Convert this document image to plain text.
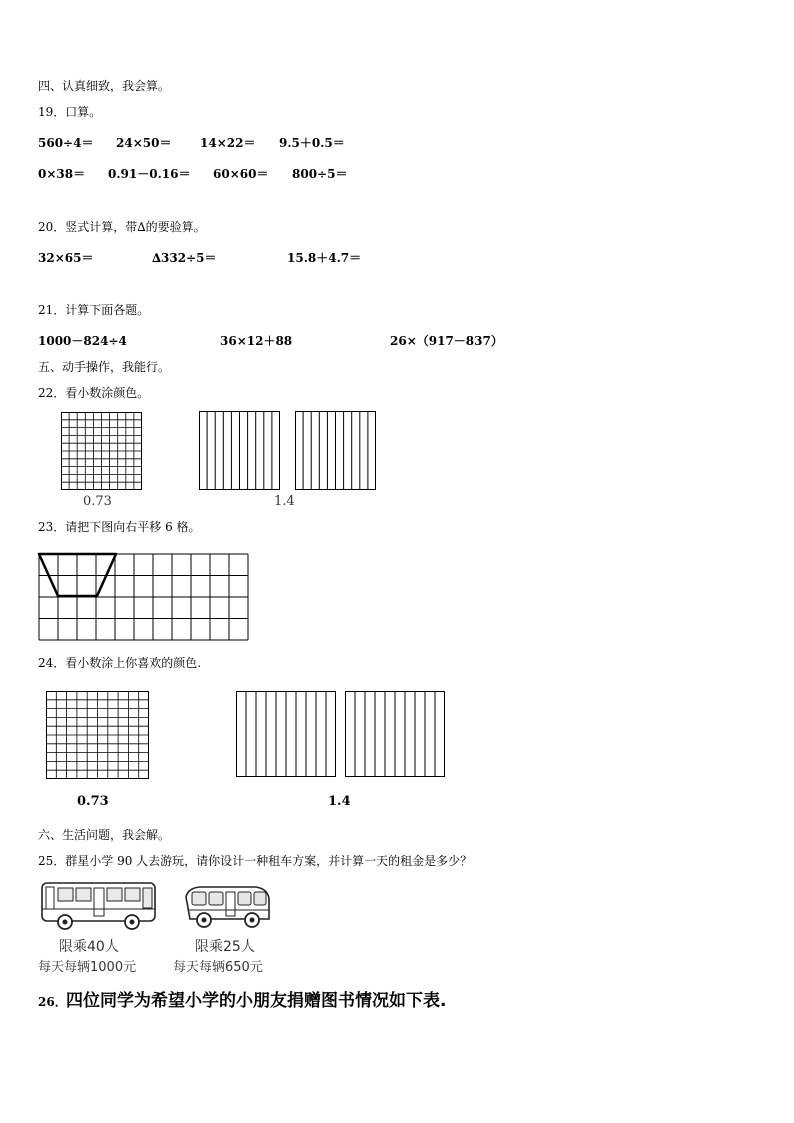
四、认真细致，我会算。
19．口算。
560÷4＝ 24×50＝ 14×22＝ 9.5＋0.5＝
0×38＝ 0.91－0.16＝ 60×60＝ 800÷5＝
20．竖式计算，带∆的要验算。
32×65＝	∆332÷5＝	15.8＋4.7＝
21．计算下面各题。
1000－824÷4	36×12＋88	26×（917－837）
五、动手操作，我能行。
22．看小数涂颜色。
0.73	1.4
23．请把下图向右平移 6 格。
24．看小数涂上你喜欢的颜色.
0.73	1.4
六、生活问题，我会解。
25．群星小学 90 人去游玩，请你设计一种租车方案，并计算一天的租金是多少？
限乘40人
每天每辆1000元
限乘25人
每天每辆650元
26． 四位同学为希望小学的小朋友捐赠图书情况如下表.
